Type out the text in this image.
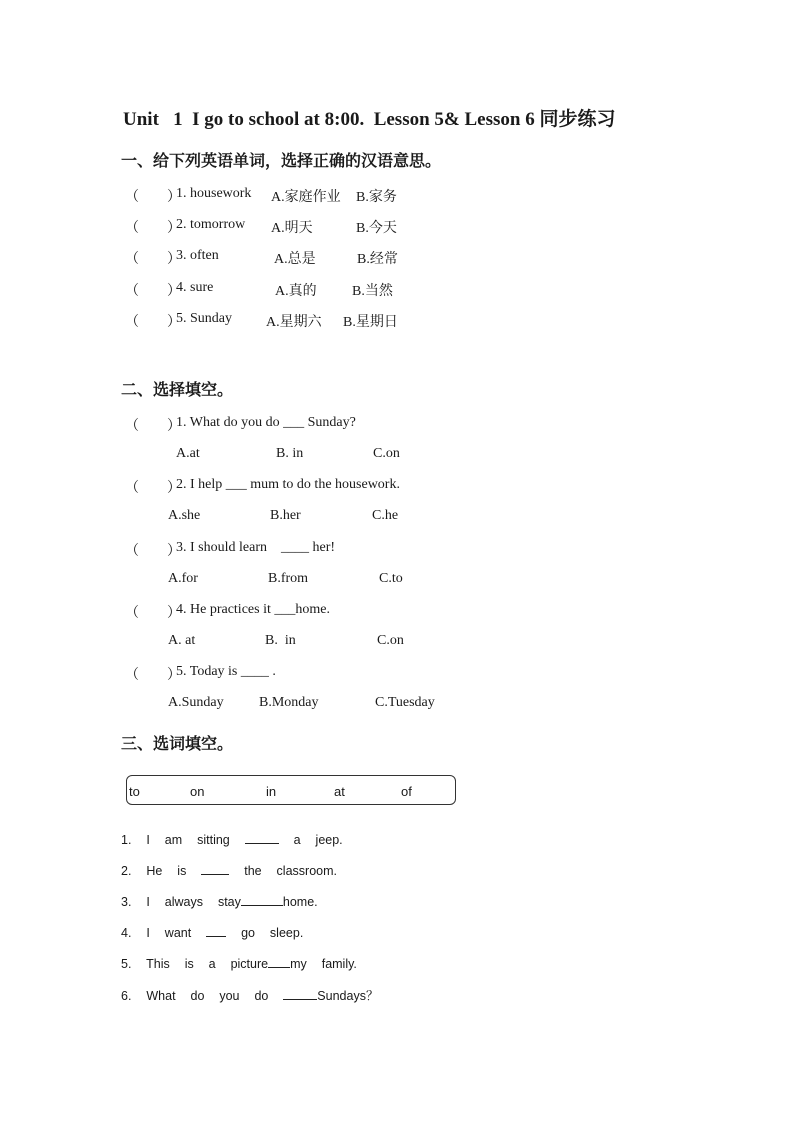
Unit   1  I go to school at 8:00.  Lesson 5& Lesson 6 同步练习
一、给下列英语单词，选择正确的汉语意思。
（        ）
1. housework A.家庭作业 B.家务
（        ）
2. tomorrow A.明天	B.今天
（        ）
3. often	A.总是	B.经常
（        ）
4. sure	A.真的	B.当然
（        ）
5. Sunday A.星期六 B.星期日
二、选择填空。
（        ）
1. What do you do ___ Sunday?
A.at	B. in	C.on
（        ）
2. I help ___ mum to do the housework.
A.she	B.her	C.he
（        ）
3. I should learn    ____ her!
A.for	B.from	C.to
（        ）
4. He practices it ___home.
A. at	B.  in	C.on
（        ）
5. Today is ____ .
A.Sunday	B.Monday	C.Tuesday
三、选词填空。
to	on	in	at	of
1.  I  am  sitting	a  jeep.
2.  He  is    the  classroom.
3.  I  always  stay	home.
4.  I  want    go  sleep.
5.  This  is  a  picture my  family.
6.  What  do  you  do	Sundays？
